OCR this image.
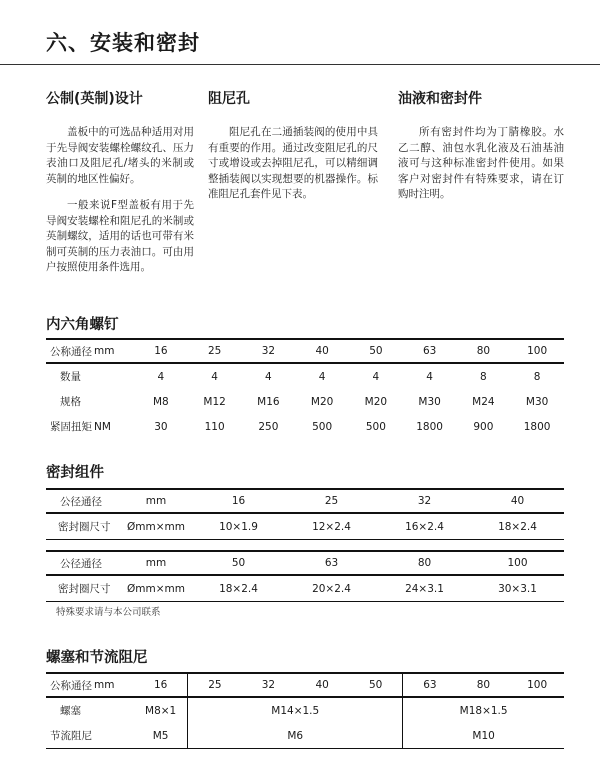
六、安装和密封
公制(英制)设计
盖板中的可选品种适用对用于先导阀安装螺栓螺纹孔、压力表油口及阻尼孔/堵头的米制或英制的地区性偏好。
一般来说F型盖板有用于先导阀安装螺栓和阻尼孔的米制或英制螺纹，适用的话也可带有米制可英制的压力表油口。可由用户按照使用条件选用。
阻尼孔
阻尼孔在二通插装阀的使用中具有重要的作用。通过改变阻尼孔的尺寸或增设或去掉阻尼孔，可以精细调整插装阀以实现想要的机器操作。标准阻尼孔套件见下表。
油液和密封件
所有密封件均为丁腈橡胶。水乙二醇、油包水乳化液及石油基油液可与这种标准密封件使用。如果客户对密封件有特殊要求，请在订购时注明。
内六角螺钉
公称通径	mm	16	25	32	40	50	63	80	100
数量		4	4	4	4	4	4	8	8
规格		M8	M12	M16	M20	M20	M30	M24	M30
紧固扭矩	NM	30	110	250	500	500	1800	900	1800
密封组件
公径通径	mm	16	25	32	40
密封圈尺寸	Ømm×mm	10×1.9	12×2.4	16×2.4	18×2.4
公径通径	mm	50	63	80	100
密封圈尺寸	Ømm×mm	18×2.4	20×2.4	24×3.1	30×3.1
特殊要求请与本公司联系
螺塞和节流阻尼
公称通径	mm	16	25	32	40	50	63	80	100
螺塞		M8×1	M14×1.5				M18×1.5		
节流阻尼		M5	M6				M10		
